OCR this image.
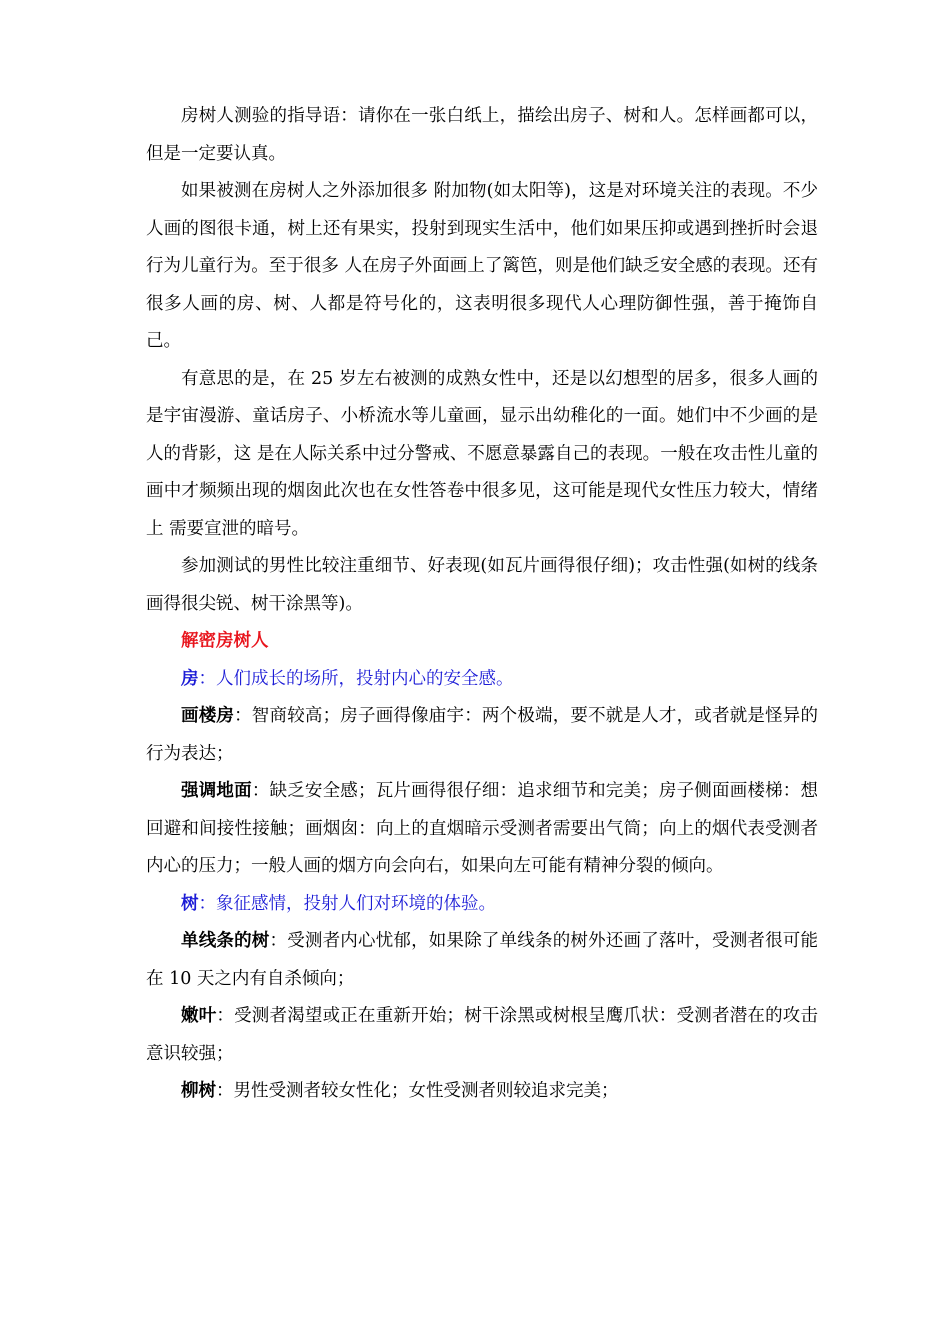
房树人测验的指导语：请你在一张白纸上，描绘出房子、树和人。怎样画都可以，但是一定要认真。

如果被测在房树人之外添加很多 附加物(如太阳等)，这是对环境关注的表现。不少人画的图很卡通，树上还有果实，投射到现实生活中，他们如果压抑或遇到挫折时会退行为儿童行为。至于很多 人在房子外面画上了篱笆，则是他们缺乏安全感的表现。还有很多人画的房、树、人都是符号化的，这表明很多现代人心理防御性强，善于掩饰自己。

有意思的是，在 25 岁左右被测的成熟女性中，还是以幻想型的居多，很多人画的是宇宙漫游、童话房子、小桥流水等儿童画，显示出幼稚化的一面。她们中不少画的是人的背影，这 是在人际关系中过分警戒、不愿意暴露自己的表现。一般在攻击性儿童的画中才频频出现的烟囱此次也在女性答卷中很多见，这可能是现代女性压力较大，情绪上 需要宣泄的暗号。

参加测试的男性比较注重细节、好表现(如瓦片画得很仔细)；攻击性强(如树的线条画得很尖锐、树干涂黑等)。

解密房树人

房：人们成长的场所，投射内心的安全感。

画楼房：智商较高；房子画得像庙宇：两个极端，要不就是人才，或者就是怪异的行为表达；

强调地面：缺乏安全感；瓦片画得很仔细：追求细节和完美；房子侧面画楼梯：想回避和间接性接触；画烟囱：向上的直烟暗示受测者需要出气筒；向上的烟代表受测者内心的压力；一般人画的烟方向会向右，如果向左可能有精神分裂的倾向。

树：象征感情，投射人们对环境的体验。

单线条的树：受测者内心忧郁，如果除了单线条的树外还画了落叶，受测者很可能在 10 天之内有自杀倾向；

嫩叶：受测者渴望或正在重新开始；树干涂黑或树根呈鹰爪状：受测者潜在的攻击意识较强；

柳树：男性受测者较女性化；女性受测者则较追求完美；
